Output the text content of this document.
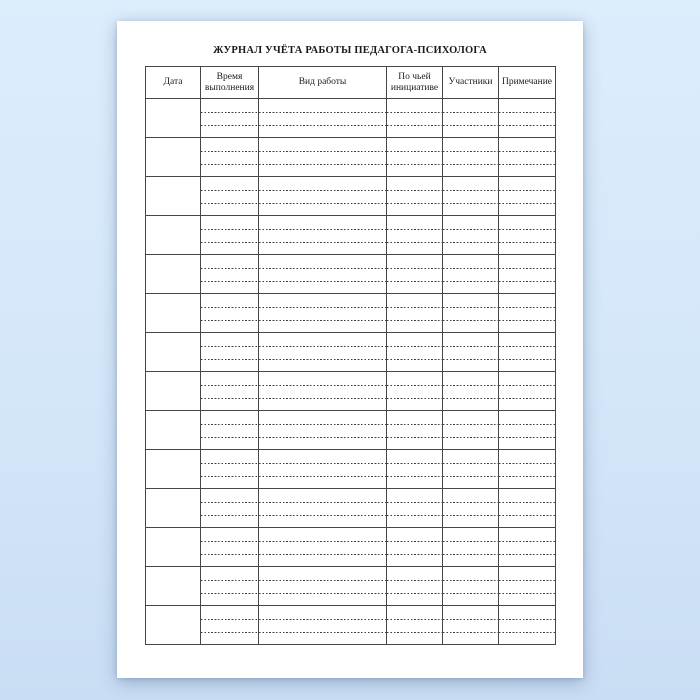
ЖУРНАЛ УЧЁТА РАБОТЫ ПЕДАГОГА-ПСИХОЛОГА
Дата	Время выполнения	Вид работы	По чьей инициативе	Участники	Примечание
